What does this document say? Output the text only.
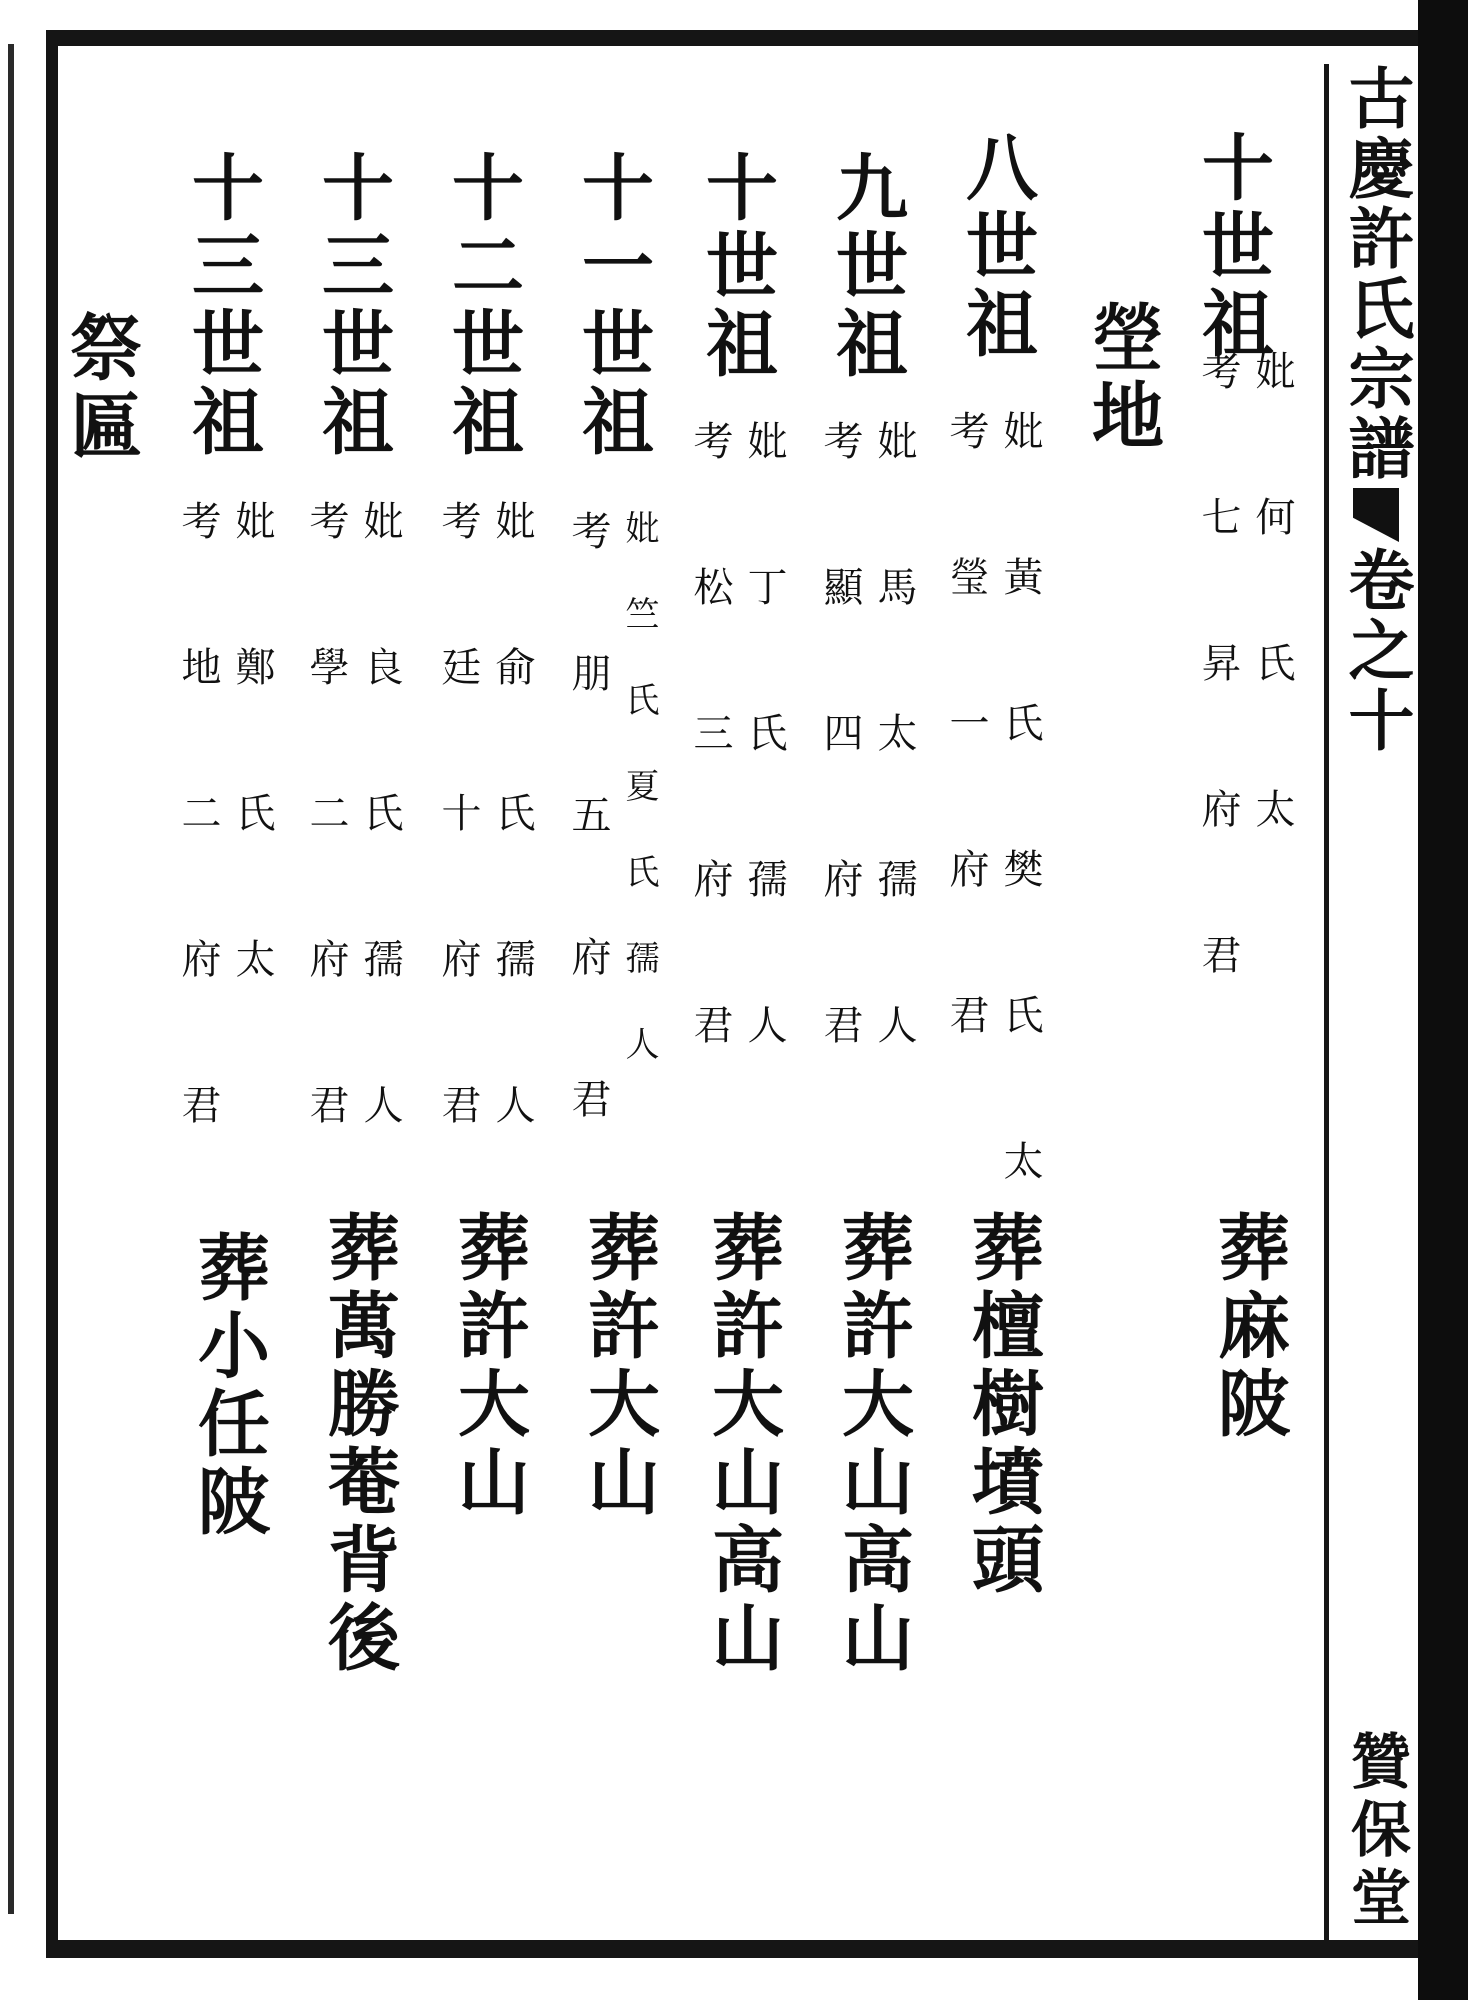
古慶許氏宗譜
卷之十
贊保堂
十世祖
考 七 昇 府 君 妣 何 氏 太
葬麻陂
塋地
八世祖
考 瑩 一 府 君 妣 黃 氏 樊 氏 太
葬檀樹墳頭
九世祖
考 顯 四 府 君 妣 馬 太 孺 人
葬許大山高山
十世祖
考 松 三 府 君 妣 丁 氏 孺 人
葬許大山高山
十一世祖
考 朋 五 府 君 妣 竺 氏 夏 氏 孺 人
葬許大山
十二世祖
考 廷 十 府 君 妣 俞 氏 孺 人
葬許大山
十三世祖
考 學 二 府 君 妣 良 氏 孺 人
葬萬勝菴背後
十三世祖
考 地 二 府 君 妣 鄭 氏 太
葬小任陂
祭匾
